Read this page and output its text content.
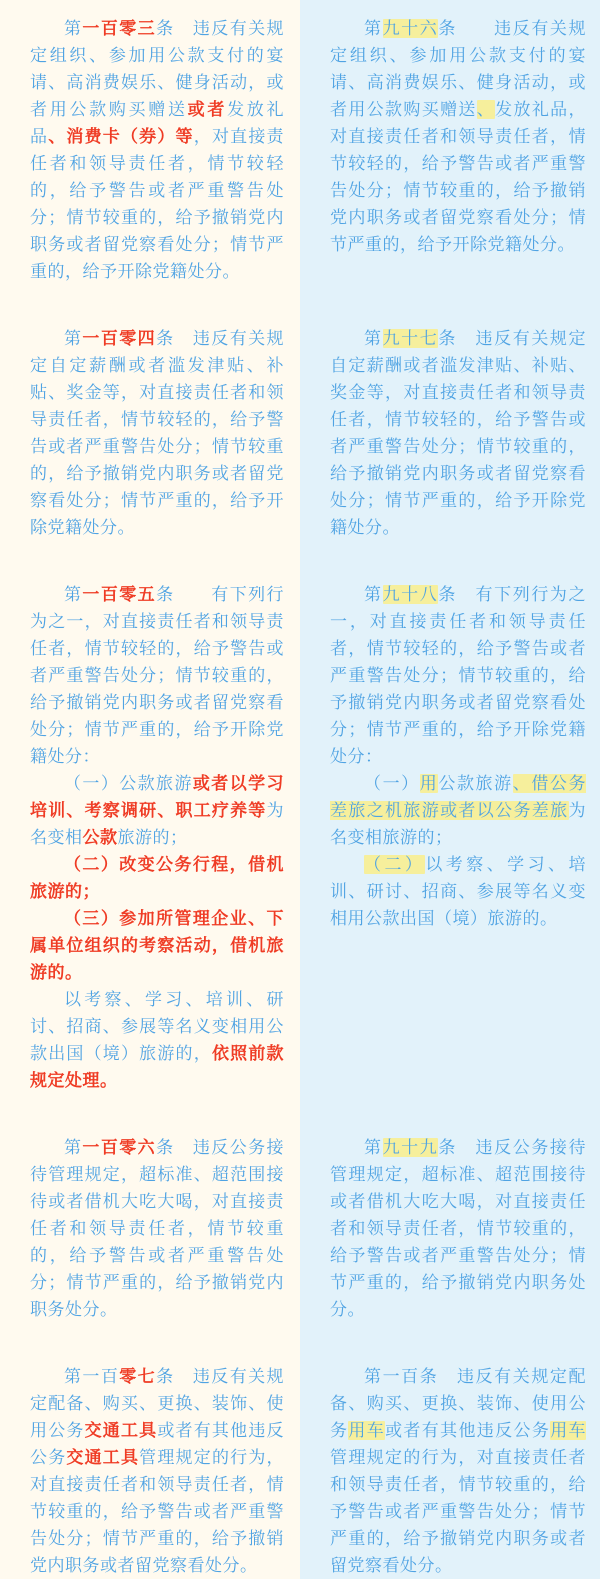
第一百零三条　违反有关规定组织、参加用公款支付的宴请、高消费娱乐、健身活动，或者用公款购买赠送或者发放礼品、消费卡（券）等，对直接责任者和领导责任者，情节较轻的，给予警告或者严重警告处分；情节较重的，给予撤销党内职务或者留党察看处分；情节严重的，给予开除党籍处分。

第九十六条　　违反有关规定组织、参加用公款支付的宴请、高消费娱乐、健身活动，或者用公款购买赠送、发放礼品，对直接责任者和领导责任者，情节较轻的，给予警告或者严重警告处分；情节较重的，给予撤销党内职务或者留党察看处分；情节严重的，给予开除党籍处分。

第一百零四条　违反有关规定自定薪酬或者滥发津贴、补贴、奖金等，对直接责任者和领导责任者，情节较轻的，给予警告或者严重警告处分；情节较重的，给予撤销党内职务或者留党察看处分；情节严重的，给予开除党籍处分。

第九十七条　违反有关规定自定薪酬或者滥发津贴、补贴、奖金等，对直接责任者和领导责任者，情节较轻的，给予警告或者严重警告处分；情节较重的，给予撤销党内职务或者留党察看处分；情节严重的，给予开除党籍处分。

第一百零五条　　有下列行为之一，对直接责任者和领导责任者，情节较轻的，给予警告或者严重警告处分；情节较重的，给予撤销党内职务或者留党察看处分；情节严重的，给予开除党籍处分：

（一）公款旅游或者以学习培训、考察调研、职工疗养等为名变相公款旅游的；

（二）改变公务行程，借机旅游的；

（三）参加所管理企业、下属单位组织的考察活动，借机旅游的。

以考察、学习、培训、研讨、招商、参展等名义变相用公款出国（境）旅游的，依照前款规定处理。

第九十八条　有下列行为之一，对直接责任者和领导责任者，情节较轻的，给予警告或者严重警告处分；情节较重的，给予撤销党内职务或者留党察看处分；情节严重的，给予开除党籍处分：

（一）用公款旅游、借公务差旅之机旅游或者以公务差旅为名变相旅游的；

（二）以考察、学习、培训、研讨、招商、参展等名义变相用公款出国（境）旅游的。

第一百零六条　违反公务接待管理规定，超标准、超范围接待或者借机大吃大喝，对直接责任者和领导责任者，情节较重的，给予警告或者严重警告处分；情节严重的，给予撤销党内职务处分。

第九十九条　违反公务接待管理规定，超标准、超范围接待或者借机大吃大喝，对直接责任者和领导责任者，情节较重的，给予警告或者严重警告处分；情节严重的，给予撤销党内职务处分。

第一百零七条　违反有关规定配备、购买、更换、装饰、使用公务交通工具或者有其他违反公务交通工具管理规定的行为，对直接责任者和领导责任者，情节较重的，给予警告或者严重警告处分；情节严重的，给予撤销党内职务或者留党察看处分。

第一百条　违反有关规定配备、购买、更换、装饰、使用公务用车或者有其他违反公务用车管理规定的行为，对直接责任者和领导责任者，情节较重的，给予警告或者严重警告处分；情节严重的，给予撤销党内职务或者留党察看处分。
